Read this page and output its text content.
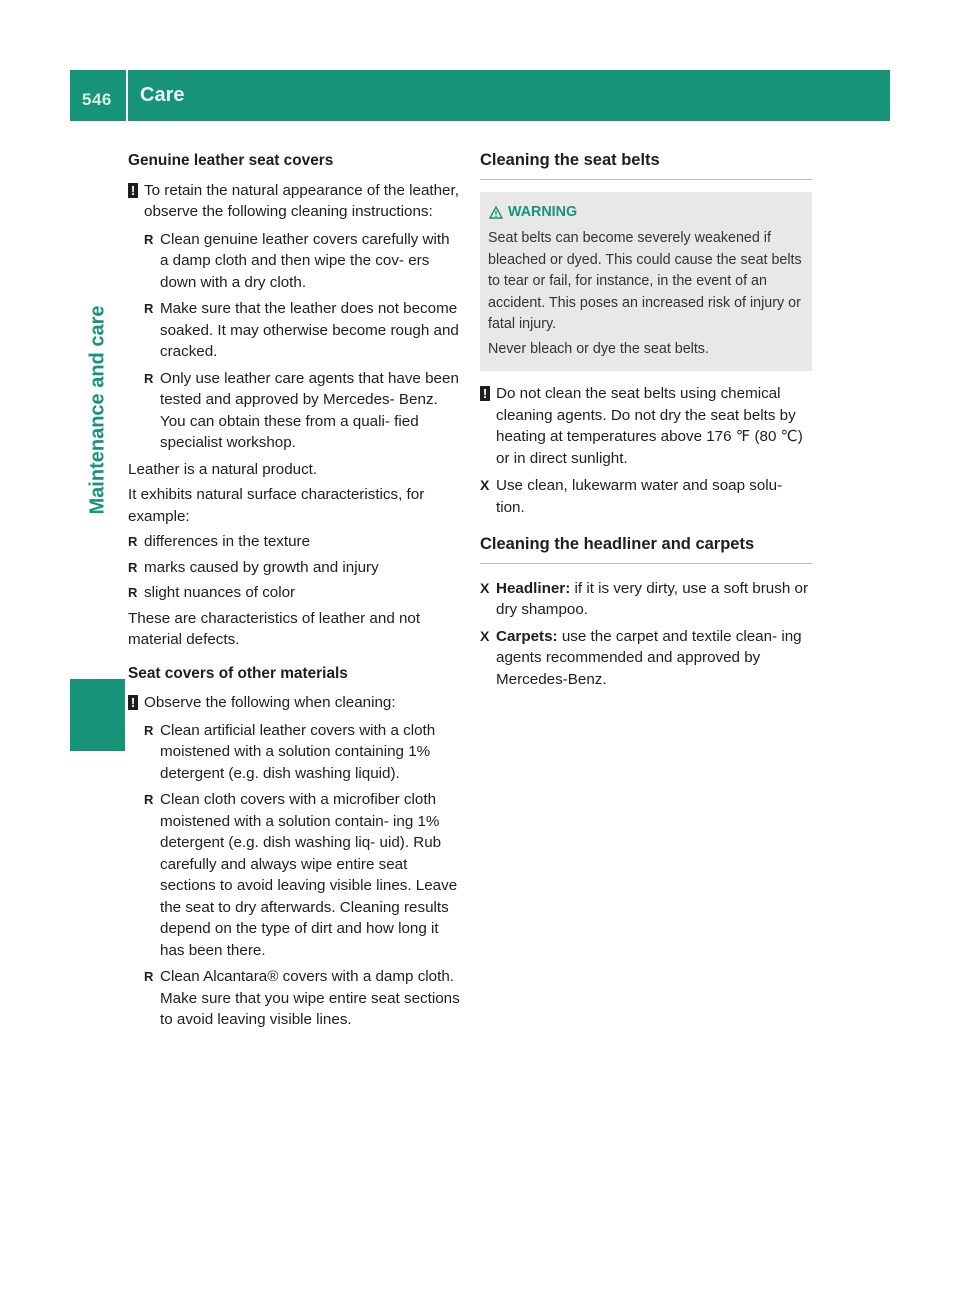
546 Care
Maintenance and care
Genuine leather seat covers
! To retain the natural appearance of the leather, observe the following cleaning instructions:
R Clean genuine leather covers carefully with a damp cloth and then wipe the cov- ers down with a dry cloth.
R Make sure that the leather does not become soaked. It may otherwise become rough and cracked.
R Only use leather care agents that have been tested and approved by Mercedes- Benz. You can obtain these from a quali- fied specialist workshop.

Leather is a natural product.

It exhibits natural surface characteristics, for example:

R differences in the texture
R marks caused by growth and injury
R slight nuances of color

These are characteristics of leather and not material defects.

Seat covers of other materials
! Observe the following when cleaning:
R Clean artificial leather covers with a cloth moistened with a solution containing 1% detergent (e.g. dish washing liquid).
R Clean cloth covers with a microfiber cloth moistened with a solution contain- ing 1% detergent (e.g. dish washing liq- uid). Rub carefully and always wipe entire seat sections to avoid leaving visible lines. Leave the seat to dry afterwards. Cleaning results depend on the type of dirt and how long it has been there.
R Clean Alcantara® covers with a damp cloth. Make sure that you wipe entire seat sections to avoid leaving visible lines.
Cleaning the seat belts
WARNING

Seat belts can become severely weakened if bleached or dyed. This could cause the seat belts to tear or fail, for instance, in the event of an accident. This poses an increased risk of injury or fatal injury.

Never bleach or dye the seat belts.

! Do not clean the seat belts using chemical cleaning agents. Do not dry the seat belts by heating at temperatures above 176 ℉ (80 ℃) or in direct sunlight.
X Use clean, lukewarm water and soap solu- tion.
Cleaning the headliner and carpets
X Headliner: if it is very dirty, use a soft brush or dry shampoo.
X Carpets: use the carpet and textile clean- ing agents recommended and approved by Mercedes-Benz.
